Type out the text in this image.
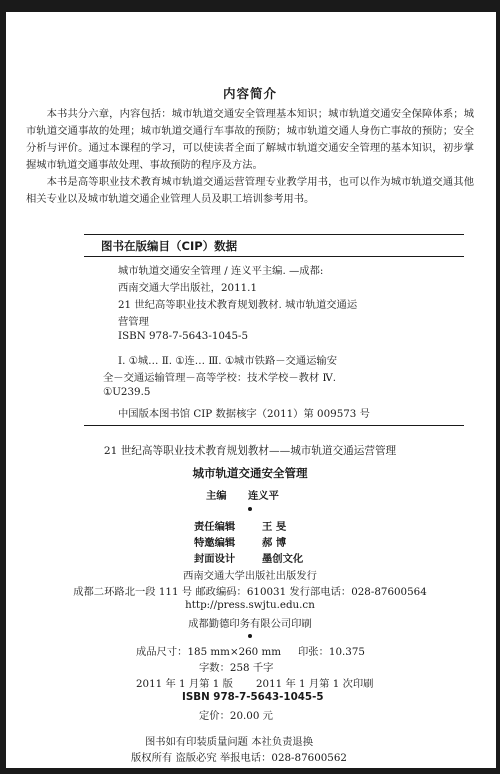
内容简介

本书共分六章，内容包括：城市轨道交通安全管理基本知识；城市轨道交通安全保障体系；城市轨道交通事故的处理；城市轨道交通行车事故的预防；城市轨道交通人身伤亡事故的预防；安全分析与评价。通过本课程的学习，可以使读者全面了解城市轨道交通安全管理的基本知识，初步掌握城市轨道交通事故处理、事故预防的程序及方法。

本书是高等职业技术教育城市轨道交通运营管理专业教学用书，也可以作为城市轨道交通其他相关专业以及城市轨道交通企业管理人员及职工培训参考用书。

图书在版编目（CIP）数据
城市轨道交通安全管理 / 连义平主编. —成都:
西南交通大学出版社，2011.1
21 世纪高等职业技术教育规划教材. 城市轨道交通运
营管理
ISBN 978-7-5643-1045-5
Ⅰ. ①城… Ⅱ. ①连… Ⅲ. ①城市铁路－交通运输安
全－交通运输管理－高等学校：技术学校－教材 Ⅳ.
①U239.5
中国版本图书馆 CIP 数据核字（2011）第 009573 号
21 世纪高等职业技术教育规划教材——城市轨道交通运营管理
城市轨道交通安全管理
主编 连义平
责任编辑	王 旻
特邀编辑	郝 博
封面设计	墨创文化
西南交通大学出版社出版发行
成都二环路北一段 111 号 邮政编码：610031 发行部电话：028-87600564
http://press.swjtu.edu.cn
成都勤德印务有限公司印刷
成品尺寸：185 mm×260 mm 印张：10.375
字数：258 千字
2011 年 1 月第 1 版 2011 年 1 月第 1 次印刷
ISBN 978-7-5643-1045-5
定价：20.00 元
图书如有印装质量问题 本社负责退换
版权所有 盗版必究 举报电话：028-87600562
